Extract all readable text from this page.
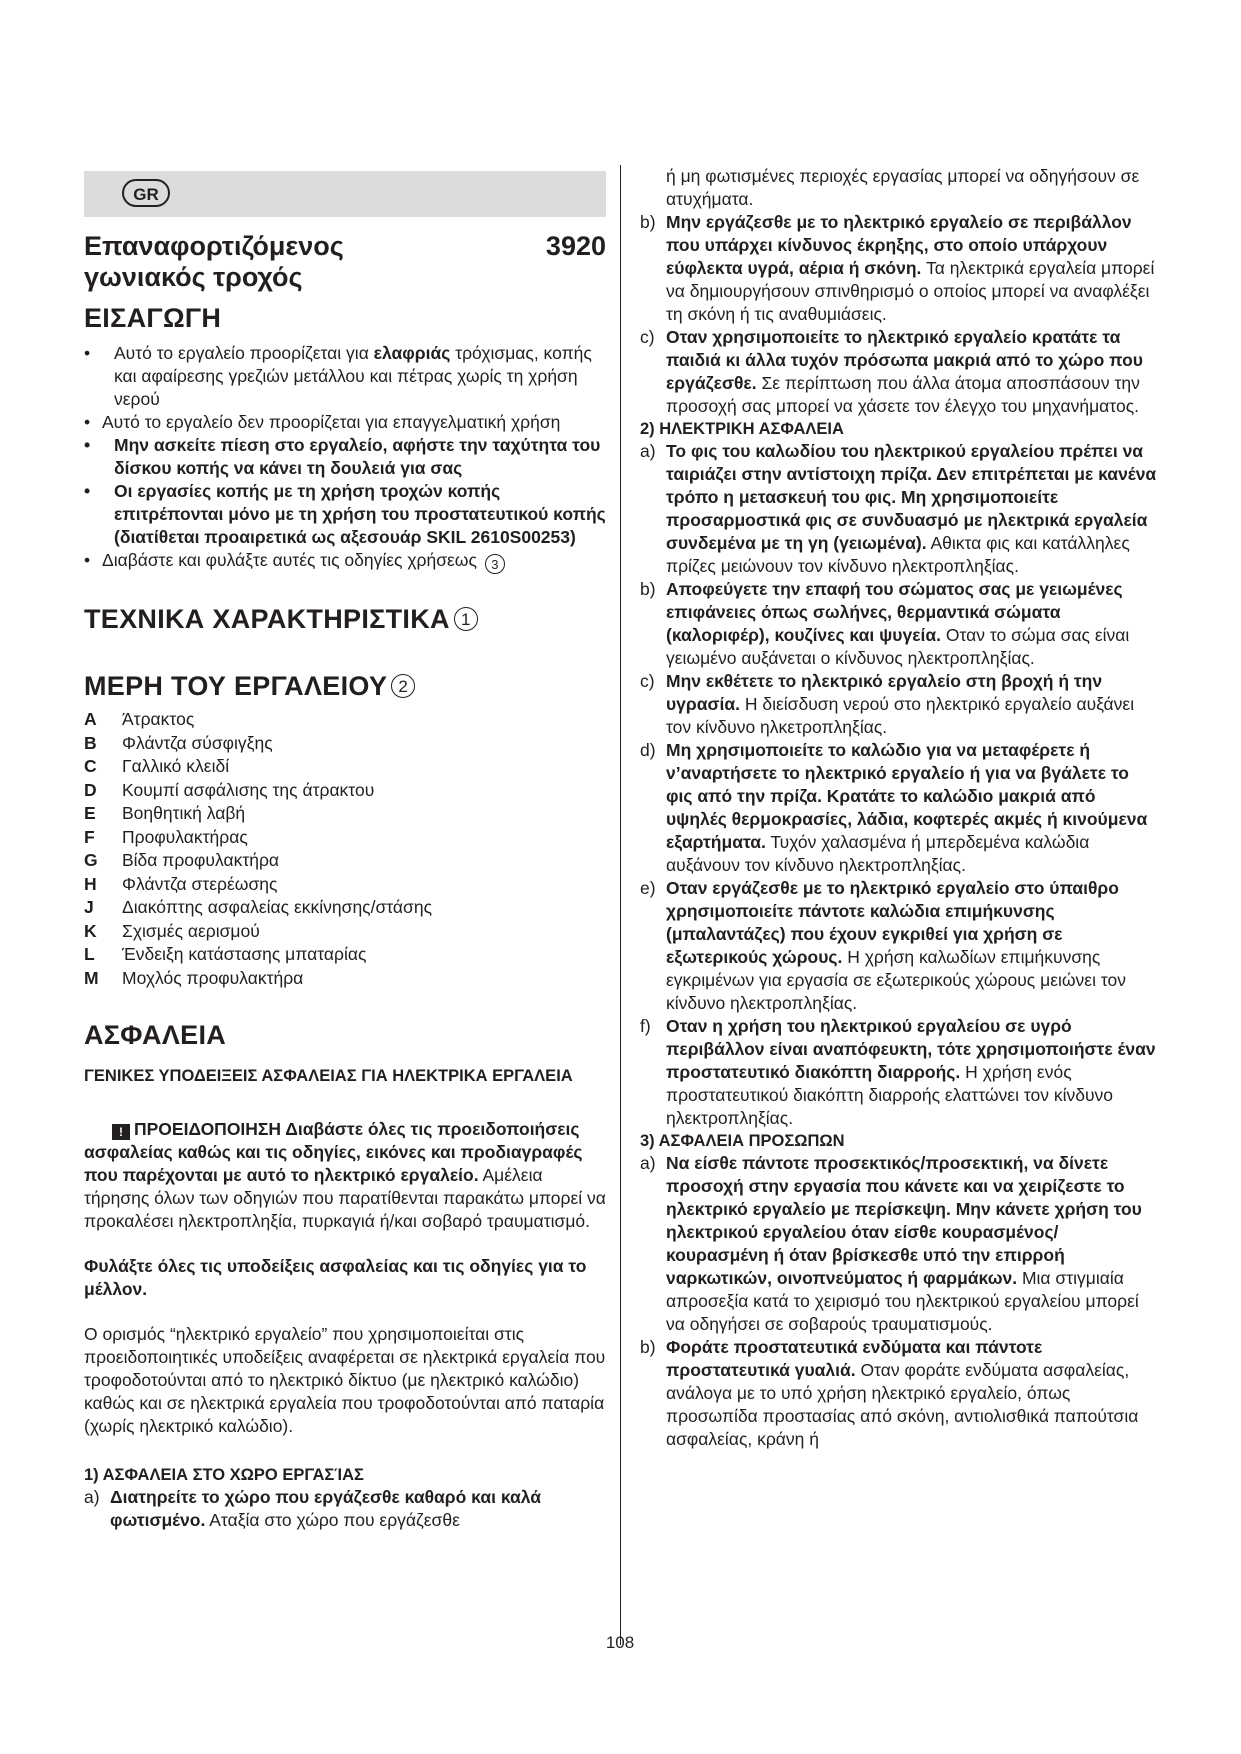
GR
Επαναφορτιζόμενος
γωνιακός τροχός
3920
ΕΙΣΑΓΩΓΗ
• Αυτό το εργαλείο προορίζεται για ελαφριάς τρόχισμας, κοπής και αφαίρεσης γρεζιών μετάλλου και πέτρας χωρίς τη χρήση νερού
• Αυτό το εργαλείο δεν προορίζεται για επαγγελματική χρήση
• Μην ασκείτε πίεση στο εργαλείο, αφήστε την ταχύτητα του δίσκου κοπής να κάνει τη δουλειά για σας
• Οι εργασίες κοπής με τη χρήση τροχών κοπής επιτρέπονται μόνο με τη χρήση του προστατευτικού κοπής (διατίθεται προαιρετικά ως αξεσουάρ SKIL 2610S00253)
• Διαβάστε και φυλάξτε αυτές τις οδηγίες χρήσεως 3
ΤΕΧΝΙΚΑ ΧΑΡΑΚΤΗΡΙΣΤΙΚΑ 1
ΜΕΡΗ ΤΟΥ ΕΡΓΑΛΕΙΟΥ 2
A	Άτρακτος
B	Φλάντζα σύσφιγξης
C	Γαλλικό κλειδί
D	Κουμπί ασφάλισης της άτρακτου
E	Βοηθητική λαβή
F	Προφυλακτήρας
G	Βίδα προφυλακτήρα
H	Φλάντζα στερέωσης
J	Διακόπτης ασφαλείας εκκίνησης/στάσης
K	Σχισμές αερισμού
L	Ένδειξη κατάστασης μπαταρίας
M	Μοχλός προφυλακτήρα
ΑΣΦΑΛΕΙΑ
ΓΕΝΙΚΕΣ ΥΠΟΔΕΙΞΕΙΣ ΑΣΦΑΛΕΙΑΣ ΓΙΑ ΗΛΕΚΤΡΙΚΑ ΕΡΓΑΛΕΙΑ
! ΠΡΟΕΙΔΟΠΟΙΗΣΗ Διαβάστε όλες τις προειδοποιήσεις ασφαλείας καθώς και τις οδηγίες, εικόνες και προδιαγραφές που παρέχονται με αυτό το ηλεκτρικό εργαλείο. Αμέλεια τήρησης όλων των οδηγιών που παρατίθενται παρακάτω μπορεί να προκαλέσει ηλεκτροπληξία, πυρκαγιά ή/και σοβαρό τραυματισμό.
Φυλάξτε όλες τις υποδείξεις ασφαλείας και τις οδηγίες για το μέλλον.
Ο ορισμός “ηλεκτρικό εργαλείο” που χρησιμοποιείται στις προειδοποιητικές υποδείξεις αναφέρεται σε ηλεκτρικά εργαλεία που τροφοδοτούνται από το ηλεκτρικό δίκτυο (με ηλεκτρικό καλώδιο) καθώς και σε ηλεκτρικά εργαλεία που τροφοδοτούνται από παταρία (χωρίς ηλεκτρικό καλώδιο).
1) ΑΣΦΑΛΕΙΑ ΣΤΟ ΧΩΡΟ ΕΡΓΑΣΊΑΣ
a) Διατηρείτε το χώρο που εργάζεσθε καθαρό και καλά φωτισμένο. Αταξία στο χώρο που εργάζεσθε
ή μη φωτισμένες περιοχές εργασίας μπορεί να οδηγήσουν σε ατυχήματα.
b) Μην εργάζεσθε με το ηλεκτρικό εργαλείο σε περιβάλλον που υπάρχει κίνδυνος έκρηξης, στο οποίο υπάρχουν εύφλεκτα υγρά, αέρια ή σκόνη. Τα ηλεκτρικά εργαλεία μπορεί να δημιουργήσουν σπινθηρισμό ο οποίος μπορεί να αναφλέξει τη σκόνη ή τις αναθυμιάσεις.
c) Οταν χρησιμοποιείτε το ηλεκτρικό εργαλείο κρατάτε τα παιδιά κι άλλα τυχόν πρόσωπα μακριά από το χώρο που εργάζεσθε. Σε περίπτωση που άλλα άτομα αποσπάσουν την προσοχή σας μπορεί να χάσετε τον έλεγχο του μηχανήματος.
2) ΗΛΕΚΤΡΙΚΗ ΑΣΦΑΛΕΙΑ
a) Το φις του καλωδίου του ηλεκτρικού εργαλείου πρέπει να ταιριάζει στην αντίστοιχη πρίζα. Δεν επιτρέπεται με κανένα τρόπο η μετασκευή του φις. Μη χρησιμοποιείτε προσαρμοστικά φις σε συνδυασμό με ηλεκτρικά εργαλεία συνδεμένα με τη γη (γειωμένα). Αθικτα φις και κατάλληλες πρίζες μειώνουν τον κίνδυνο ηλεκτροπληξίας.
b) Αποφεύγετε την επαφή του σώματος σας με γειωμένες επιφάνειες όπως σωλήνες, θερμαντικά σώματα (καλοριφέρ), κουζίνες και ψυγεία. Οταν το σώμα σας είναι γειωμένο αυξάνεται ο κίνδυνος ηλεκτροπληξίας.
c) Μην εκθέτετε το ηλεκτρικό εργαλείο στη βροχή ή την υγρασία. Η διείσδυση νερού στο ηλεκτρικό εργαλείο αυξάνει τον κίνδυνο ηλκετροπληξίας.
d) Μη χρησιμοποιείτε το καλώδιο για να μεταφέρετε ή ν’αναρτήσετε το ηλεκτρικό εργαλείο ή για να βγάλετε το φις από την πρίζα. Κρατάτε το καλώδιο μακριά από υψηλές θερμοκρασίες, λάδια, κοφτερές ακμές ή κινούμενα εξαρτήματα. Τυχόν χαλασμένα ή μπερδεμένα καλώδια αυξάνουν τον κίνδυνο ηλεκτροπληξίας.
e) Οταν εργάζεσθε με το ηλεκτρικό εργαλείο στο ύπαιθρο χρησιμοποιείτε πάντοτε καλώδια επιμήκυνσης (μπαλαντάζες) που έχουν εγκριθεί για χρήση σε εξωτερικούς χώρους. Η χρήση καλωδίων επιμήκυνσης εγκριμένων για εργασία σε εξωτερικούς χώρους μειώνει τον κίνδυνο ηλεκτροπληξίας.
f) Οταν η χρήση του ηλεκτρικού εργαλείου σε υγρό περιβάλλον είναι αναπόφευκτη, τότε χρησιμοποιήστε έναν προστατευτικό διακόπτη διαρροής. Η χρήση ενός προστατευτικού διακόπτη διαρροής ελαττώνει τον κίνδυνο ηλεκτροπληξίας.
3) ΑΣΦΑΛΕΙΑ ΠΡΟΣΩΠΩΝ
a) Να είσθε πάντοτε προσεκτικός/προσεκτική, να δίνετε προσοχή στην εργασία που κάνετε και να χειρίζεστε το ηλεκτρικό εργαλείο με περίσκεψη. Μην κάνετε χρήση του ηλεκτρικού εργαλείου όταν είσθε κουρασμένος/κουρασμένη ή όταν βρίσκεσθε υπό την επιρροή ναρκωτικών, οινοπνεύματος ή φαρμάκων. Μια στιγμιαία απροσεξία κατά το χειρισμό του ηλεκτρικού εργαλείου μπορεί να οδηγήσει σε σοβαρούς τραυματισμούς.
b) Φοράτε προστατευτικά ενδύματα και πάντοτε προστατευτικά γυαλιά. Οταν φοράτε ενδύματα ασφαλείας, ανάλογα με το υπό χρήση ηλεκτρικό εργαλείο, όπως προσωπίδα προστασίας από σκόνη, αντιολισθικά παπούτσια ασφαλείας, κράνη ή
108
